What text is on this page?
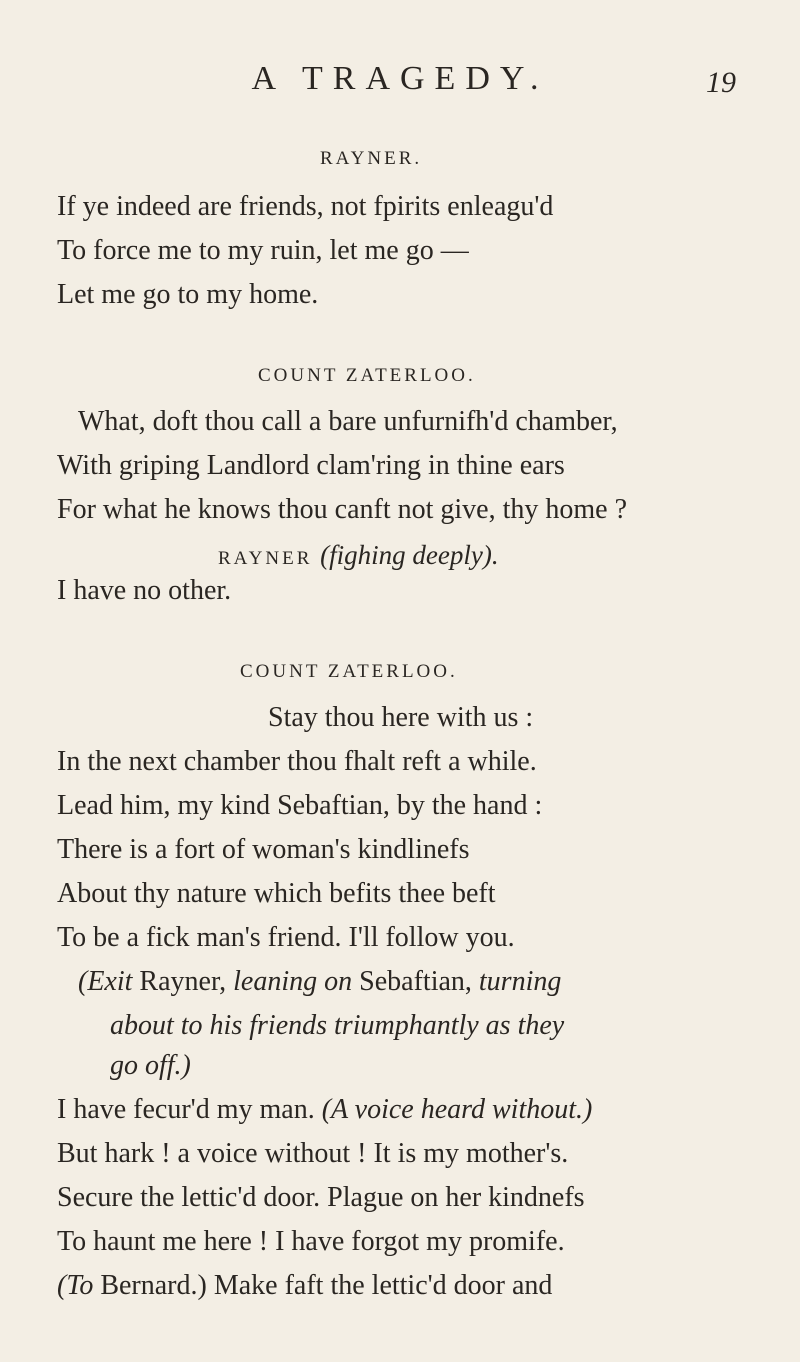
A TRAGEDY.	19
RAYNER.
If ye indeed are friends, not fpirits enleagu'd
To force me to my ruin, let me go —
Let me go to my home.
COUNT ZATERLOO.
What, doft thou call a bare unfurnifh'd chamber,
With griping Landlord clam'ring in thine ears
For what he knows thou canft not give, thy home ?
RAYNER (fighing deeply).
I have no other.
COUNT ZATERLOO.
Stay thou here with us :
In the next chamber thou fhalt reft a while.
Lead him, my kind Sebaftian, by the hand :
There is a fort of woman's kindlinefs
About thy nature which befits thee beft
To be a fick man's friend. I'll follow you.
(Exit Rayner, leaning on Sebaftian, turning
about to his friends triumphantly as they
go off.)
I have fecur'd my man. (A voice heard without.)
But hark ! a voice without ! It is my mother's.
Secure the lettic'd door. Plague on her kindnefs
To haunt me here ! I have forgot my promife.
(To Bernard.) Make faft the lettic'd door and
